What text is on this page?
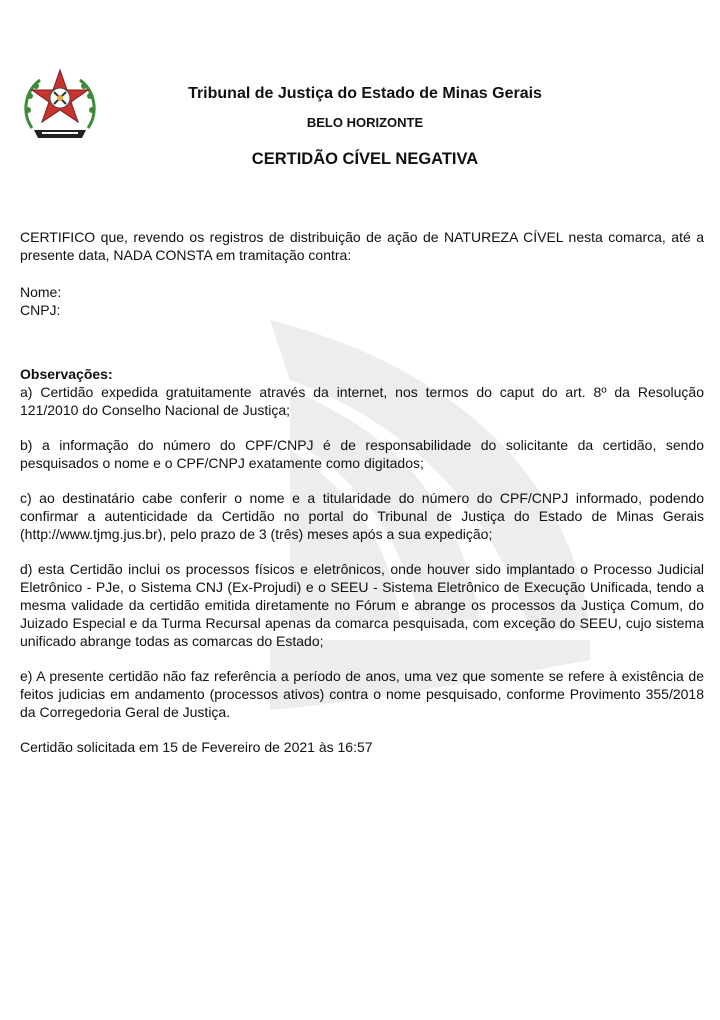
Tribunal de Justiça do Estado de Minas Gerais

BELO HORIZONTE
CERTIDÃO CÍVEL NEGATIVA

CERTIFICO que, revendo os registros de distribuição de ação de NATUREZA CÍVEL nesta comarca, até a presente data, NADA CONSTA em tramitação contra:

Nome:

CNPJ:

Observações:

a) Certidão expedida gratuitamente através da internet, nos termos do caput do art. 8º da Resolução 121/2010 do Conselho Nacional de Justiça;

b) a informação do número do CPF/CNPJ é de responsabilidade do solicitante da certidão, sendo pesquisados o nome e o CPF/CNPJ exatamente como digitados;

c) ao destinatário cabe conferir o nome e a titularidade do número do CPF/CNPJ informado, podendo confirmar a autenticidade da Certidão no portal do Tribunal de Justiça do Estado de Minas Gerais (http://www.tjmg.jus.br), pelo prazo de 3 (três) meses após a sua expedição;

d) esta Certidão inclui os processos físicos e eletrônicos, onde houver sido implantado o Processo Judicial Eletrônico - PJe, o Sistema CNJ (Ex-Projudi) e o SEEU - Sistema Eletrônico de Execução Unificada, tendo a mesma validade da certidão emitida diretamente no Fórum e abrange os processos da Justiça Comum, do Juizado Especial e da Turma Recursal apenas da comarca pesquisada, com exceção do SEEU, cujo sistema unificado abrange todas as comarcas do Estado;

e) A presente certidão não faz referência a período de anos, uma vez que somente se refere à existência de feitos judicias em andamento (processos ativos) contra o nome pesquisado, conforme Provimento 355/2018 da Corregedoria Geral de Justiça.

Certidão solicitada em 15 de Fevereiro de 2021 às 16:57
